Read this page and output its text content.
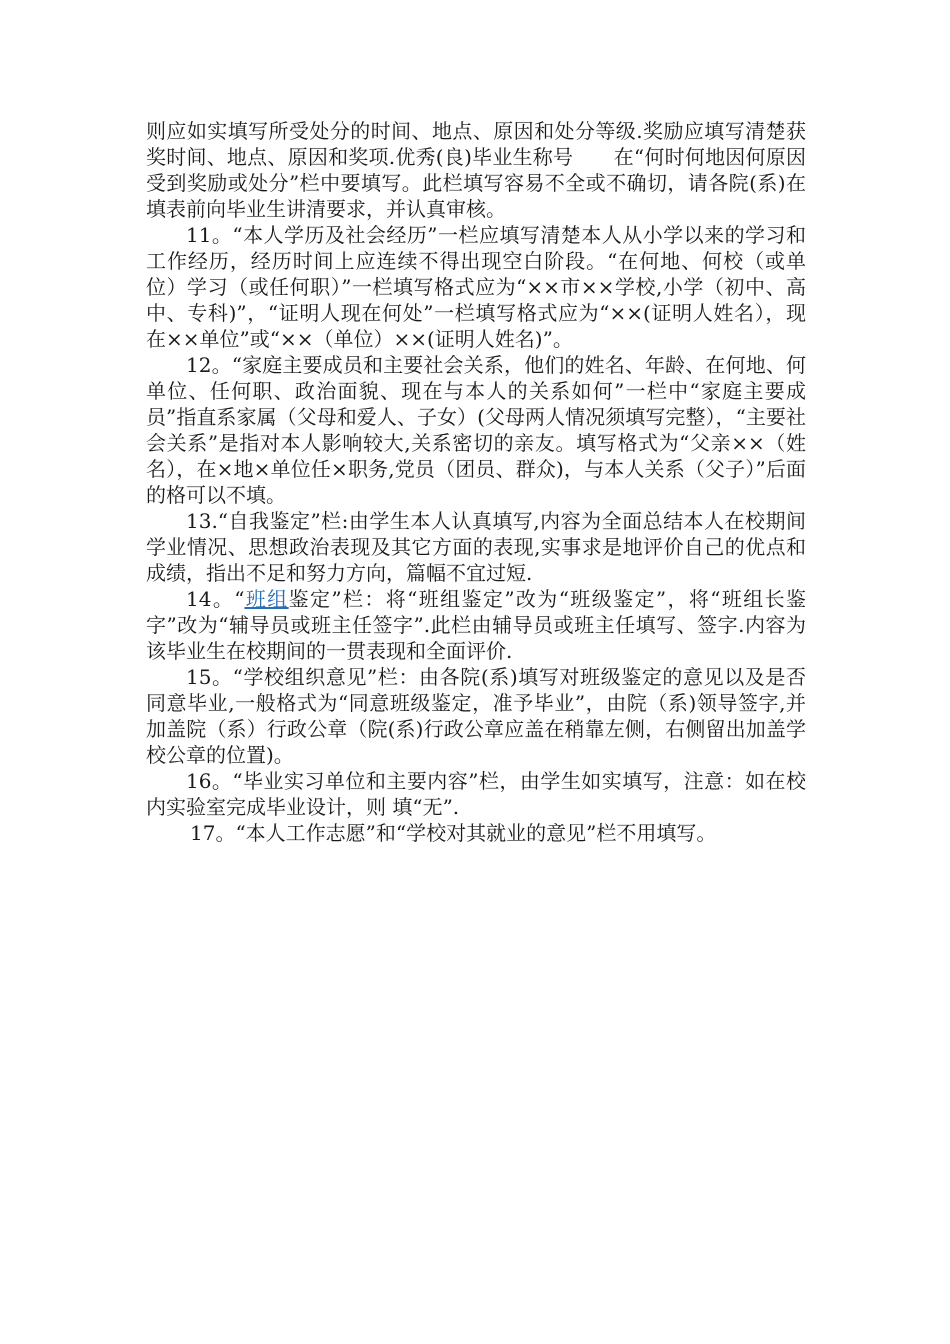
则应如实填写所受处分的时间、地点、原因和处分等级.奖励应填写清楚获奖时间、地点、原因和奖项.优秀(良)毕业生称号　　在“何时何地因何原因受到奖励或处分”栏中要填写。此栏填写容易不全或不确切，请各院(系)在填表前向毕业生讲清要求，并认真审核。

11。“本人学历及社会经历”一栏应填写清楚本人从小学以来的学习和工作经历，经历时间上应连续不得出现空白阶段。“在何地、何校（或单位）学习（或任何职）”一栏填写格式应为“××市××学校,小学（初中、高中、专科)”，“证明人现在何处”一栏填写格式应为“××(证明人姓名），现在××单位”或“××（单位）××(证明人姓名)”。

12。“家庭主要成员和主要社会关系，他们的姓名、年龄、在何地、何单位、任何职、政治面貌、现在与本人的关系如何”一栏中“家庭主要成员”指直系家属（父母和爱人、子女）(父母两人情况须填写完整），“主要社会关系”是指对本人影响较大,关系密切的亲友。填写格式为“父亲××（姓名），在×地×单位任×职务,党员（团员、群众)，与本人关系（父子）”后面的格可以不填。

13.“自我鉴定”栏:由学生本人认真填写,内容为全面总结本人在校期间学业情况、思想政治表现及其它方面的表现,实事求是地评价自己的优点和成绩，指出不足和努力方向，篇幅不宜过短.

14。“班组鉴定”栏：将“班组鉴定”改为“班级鉴定”，将“班组长鉴字”改为“辅导员或班主任签字”.此栏由辅导员或班主任填写、签字.内容为该毕业生在校期间的一贯表现和全面评价.

15。“学校组织意见”栏：由各院(系)填写对班级鉴定的意见以及是否同意毕业,一般格式为“同意班级鉴定，准予毕业”，由院（系)领导签字,并加盖院（系）行政公章（院(系)行政公章应盖在稍靠左侧，右侧留出加盖学校公章的位置)。

16。“毕业实习单位和主要内容”栏，由学生如实填写，注意：如在校内实验室完成毕业设计，则 填“无”.

17。“本人工作志愿”和“学校对其就业的意见”栏不用填写。
